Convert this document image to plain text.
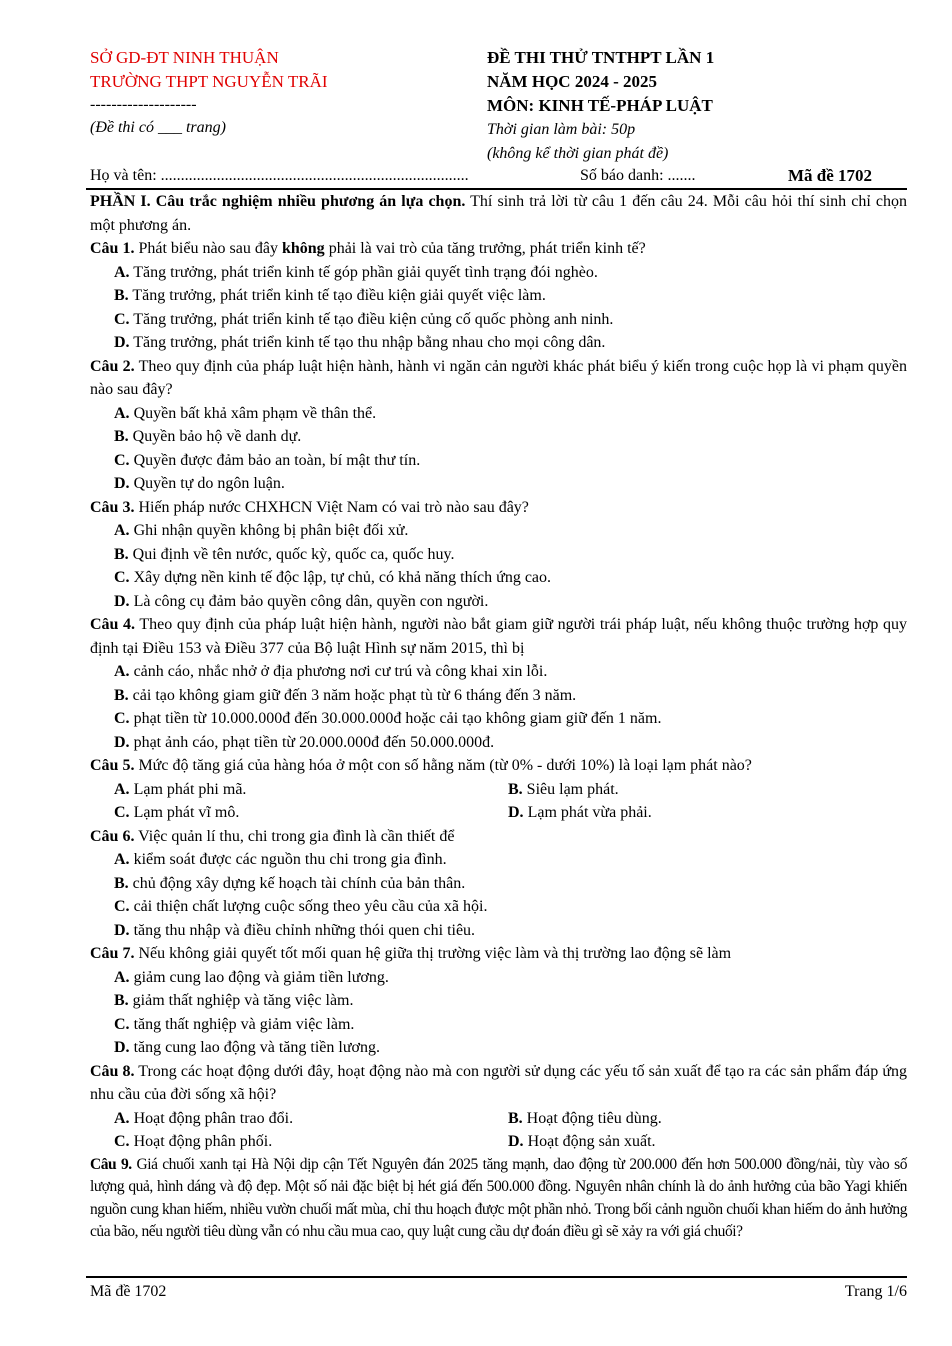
SỞ GD-ĐT NINH THUẬN
TRƯỜNG THPT NGUYỄN TRÃI
--------------------
(Đề thi có ___ trang)
ĐỀ THI THỬ TNTHPT LẦN 1
NĂM HỌC 2024 - 2025
MÔN: KINH TẾ-PHÁP LUẬT
Thời gian làm bài: 50p
(không kể thời gian phát đề)
Họ và tên: .............................................................................	Số báo danh: .......	Mã đề 1702

PHẦN I. Câu trắc nghiệm nhiều phương án lựa chọn. Thí sinh trả lời từ câu 1 đến câu 24. Mỗi câu hỏi thí sinh chỉ chọn một phương án.

Câu 1. Phát biểu nào sau đây không phải là vai trò của tăng trưởng, phát triển kinh tế?

A. Tăng trưởng, phát triển kinh tế góp phần giải quyết tình trạng đói nghèo.

B. Tăng trưởng, phát triển kinh tế tạo điều kiện giải quyết việc làm.

C. Tăng trưởng, phát triển kinh tế tạo điều kiện củng cố quốc phòng anh ninh.

D. Tăng trưởng, phát triển kinh tế tạo thu nhập bằng nhau cho mọi công dân.

Câu 2. Theo quy định của pháp luật hiện hành, hành vi ngăn cản người khác phát biểu ý kiến trong cuộc họp là vi phạm quyền nào sau đây?

A. Quyền bất khả xâm phạm về thân thể.

B. Quyền bảo hộ về danh dự.

C. Quyền được đảm bảo an toàn, bí mật thư tín.

D. Quyền tự do ngôn luận.

Câu 3. Hiến pháp nước CHXHCN Việt Nam có vai trò nào sau đây?

A. Ghi nhận quyền không bị phân biệt đối xử.

B. Qui định về tên nước, quốc kỳ, quốc ca, quốc huy.

C. Xây dựng nền kinh tế độc lập, tự chủ, có khả năng thích ứng cao.

D. Là công cụ đảm bảo quyền công dân, quyền con người.

Câu 4. Theo quy định của pháp luật hiện hành, người nào bắt giam giữ người trái pháp luật, nếu không thuộc trường hợp quy định tại Điều 153 và Điều 377 của Bộ luật Hình sự năm 2015, thì bị

A. cảnh cáo, nhắc nhở ở địa phương nơi cư trú và công khai xin lỗi.

B. cải tạo không giam giữ đến 3 năm hoặc phạt tù từ 6 tháng đến 3 năm.

C. phạt tiền từ 10.000.000đ đến 30.000.000đ hoặc cải tạo không giam giữ đến 1 năm.

D. phạt ảnh cáo, phạt tiền từ 20.000.000đ đến 50.000.000đ.

Câu 5. Mức độ tăng giá của hàng hóa ở một con số hằng năm (từ 0% - dưới 10%) là loại lạm phát nào?

A. Lạm phát phi mã.	B. Siêu lạm phát.
C. Lạm phát vĩ mô.	D. Lạm phát vừa phải.

Câu 6. Việc quản lí thu, chi trong gia đình là cần thiết để

A. kiểm soát được các nguồn thu chi trong gia đình.

B. chủ động xây dựng kế hoạch tài chính của bản thân.

C. cải thiện chất lượng cuộc sống theo yêu cầu của xã hội.

D. tăng thu nhập và điều chỉnh những thói quen chi tiêu.

Câu 7. Nếu không giải quyết tốt mối quan hệ giữa thị trường việc làm và thị trường lao động sẽ làm

A. giảm cung lao động và giảm tiền lương.

B. giảm thất nghiệp và tăng việc làm.

C. tăng thất nghiệp và giảm việc làm.

D. tăng cung lao động và tăng tiền lương.

Câu 8. Trong các hoạt động dưới đây, hoạt động nào mà con người sử dụng các yếu tố sản xuất để tạo ra các sản phẩm đáp ứng nhu cầu của đời sống xã hội?

A. Hoạt động phân trao đổi.	B. Hoạt động tiêu dùng.
C. Hoạt động phân phối.	D. Hoạt động sản xuất.

Câu 9. Giá chuối xanh tại Hà Nội dịp cận Tết Nguyên đán 2025 tăng mạnh, dao động từ 200.000 đến hơn 500.000 đồng/nải, tùy vào số lượng quả, hình dáng và độ đẹp. Một số nải đặc biệt bị hét giá đến 500.000 đồng. Nguyên nhân chính là do ảnh hưởng của bão Yagi khiến nguồn cung khan hiếm, nhiều vườn chuối mất mùa, chỉ thu hoạch được một phần nhỏ. Trong bối cảnh nguồn chuối khan hiếm do ảnh hưởng của bão, nếu người tiêu dùng vẫn có nhu cầu mua cao, quy luật cung cầu dự đoán điều gì sẽ xảy ra với giá chuối?

Mã đề 1702	Trang 1/6
